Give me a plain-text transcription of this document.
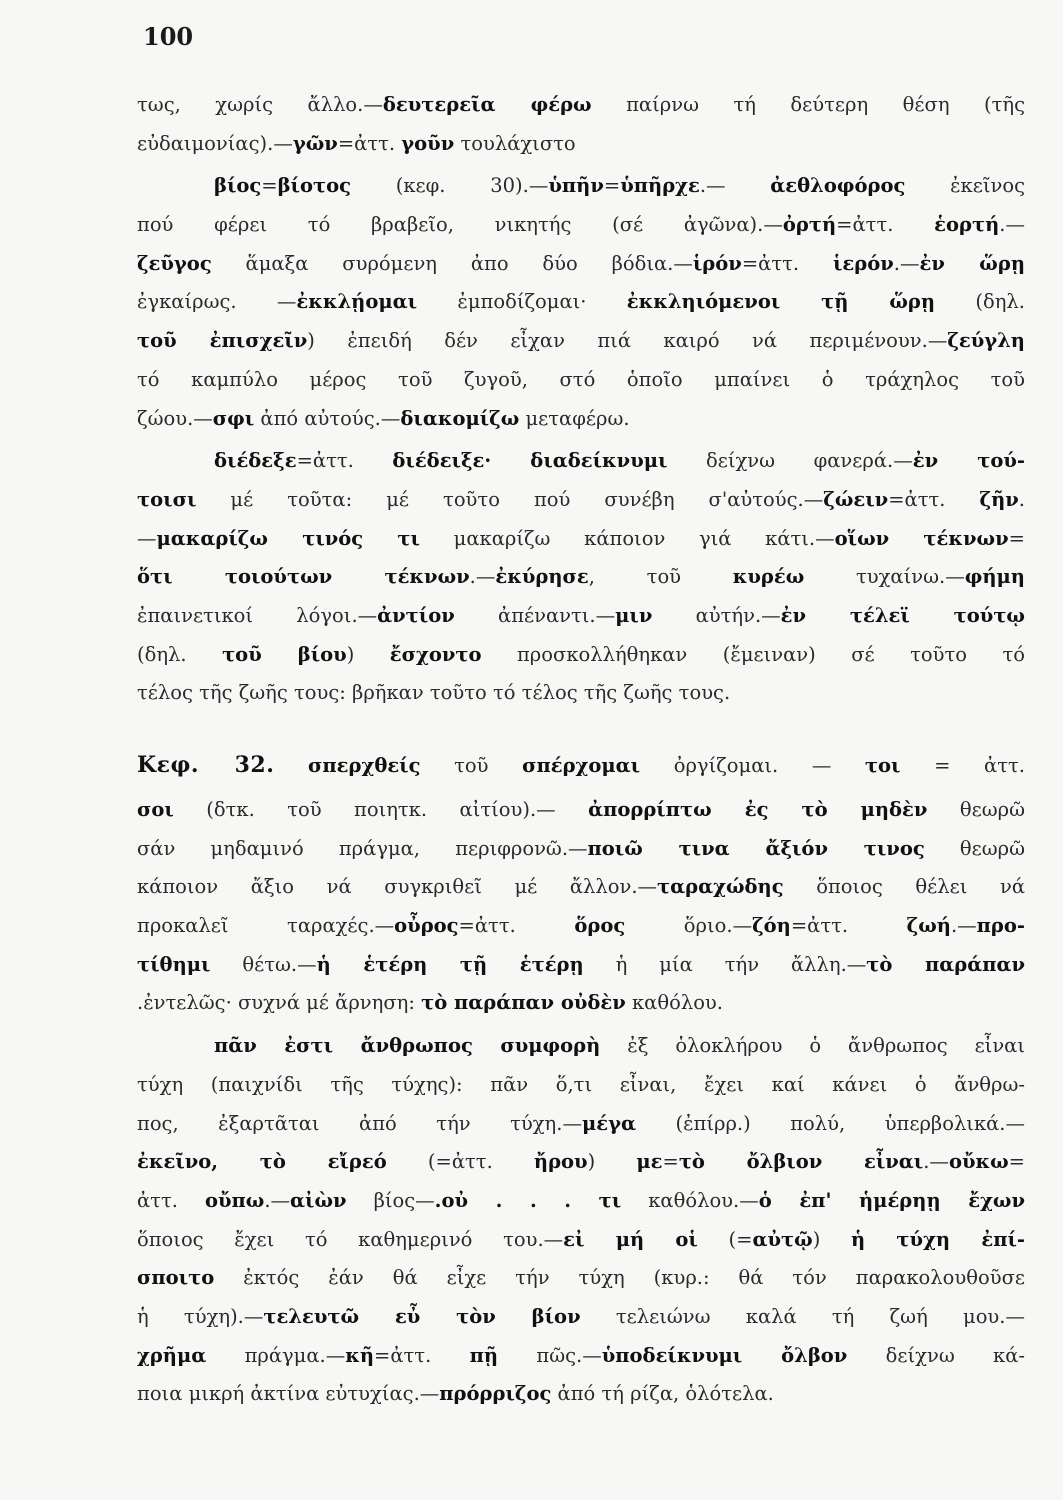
100
τως, χωρίς ἄλλο.—δευτερεῖα φέρω παίρνω τή δεύτερη θέση (τῆς
εὐδαιμονίας).—γῶν=ἀττ. γοῦν τουλάχιστο
βίος=βίοτος (κεφ. 30).—ὑπῆν=ὑπῆρχε.— ἀεθλοφόρος ἐκεῖνος
πού φέρει τό βραβεῖο, νικητής (σέ ἀγῶνα).—ὀρτή=ἀττ. ἑορτή.—
ζεῦγος ἅμαξα συρόμενη ἀπο δύο βόδια.—ἱρόν=ἀττ. ἱερόν.—ἐν ὥρῃ
ἐγκαίρως. —ἐκκλῄομαι ἐμποδίζομαι· ἐκκληιόμενοι τῇ ὥρῃ (δηλ.
τοῦ ἐπισχεῖν) ἐπειδή δέν εἶχαν πιά καιρό νά περιμένουν.—ζεύγλη
τό καμπύλο μέρος τοῦ ζυγοῦ, στό ὁποῖο μπαίνει ὁ τράχηλος τοῦ
ζώου.—σφι ἀπό αὐτούς.—διακομίζω μεταφέρω.
διέδεξε=ἀττ. διέδειξε· διαδείκνυμι δείχνω φανερά.—ἐν τού-
τοισι μέ τοῦτα: μέ τοῦτο πού συνέβη σ'αὐτούς.—ζώειν=ἀττ. ζῆν.
—μακαρίζω τινός τι μακαρίζω κάποιον γιά κάτι.—οἵων τέκνων=
ὅτι τοιούτων τέκνων.—ἐκύρησε, τοῦ κυρέω τυχαίνω.—φήμη
ἐπαινετικοί λόγοι.—ἀντίον ἀπέναντι.—μιν αὐτήν.—ἐν τέλεϊ τούτῳ
(δηλ. τοῦ βίου) ἔσχοντο προσκολλήθηκαν (ἔμειναν) σέ τοῦτο τό
τέλος τῆς ζωῆς τους: βρῆκαν τοῦτο τό τέλος τῆς ζωῆς τους.
Κεφ. 32. σπερχθείς τοῦ σπέρχομαι ὀργίζομαι. — τοι = ἀττ.
σοι (δτκ. τοῦ ποιητκ. αἰτίου).— ἀπορρίπτω ἐς τὸ μηδὲν θεωρῶ
σάν μηδαμινό πράγμα, περιφρονῶ.—ποιῶ τινα ἄξιόν τινος θεωρῶ
κάποιον ἄξιο νά συγκριθεῖ μέ ἄλλον.—ταραχώδης ὅποιος θέλει νά
προκαλεῖ ταραχές.—οὖρος=ἀττ. ὅρος ὅριο.—ζόη=ἀττ. ζωή.—προ-
τίθημι θέτω.—ἡ ἑτέρη τῇ ἑτέρῃ ἡ μία τήν ἄλλη.—τὸ παράπαν
.ἐντελῶς· συχνά μέ ἄρνηση: τὸ παράπαν οὐδὲν καθόλου.
πᾶν ἐστι ἄνθρωπος συμφορὴ ἐξ ὁλοκλήρου ὁ ἄνθρωπος εἶναι
τύχη (παιχνίδι τῆς τύχης): πᾶν ὅ,τι εἶναι, ἔχει καί κάνει ὁ ἄνθρω-
πος, ἐξαρτᾶται ἀπό τήν τύχη.—μέγα (ἐπίρρ.) πολύ, ὑπερβολικά.—
ἐκεῖνο, τὸ εἴρεό (=ἀττ. ἤρου) με=τὸ ὄλβιον εἶναι.—οὔκω=
ἀττ. οὔπω.—αἰὼν βίος—.οὐ . . . τι καθόλου.—ὁ ἐπ' ἡμέρηῃ ἔχων
ὅποιος ἔχει τό καθημερινό του.—εἰ μή οἱ (=αὐτῷ) ἡ τύχη ἐπί-
σποιτο ἐκτός ἐάν θά εἶχε τήν τύχη (κυρ.: θά τόν παρακολουθοῦσε
ἡ τύχη).—τελευτῶ εὖ τὸν βίον τελειώνω καλά τή ζωή μου.—
χρῆμα πράγμα.—κῆ=ἀττ. πῇ πῶς.—ὑποδείκνυμι ὄλβον δείχνω κά-
ποια μικρή ἀκτίνα εὐτυχίας.—πρόρριζος ἀπό τή ρίζα, ὁλότελα.
